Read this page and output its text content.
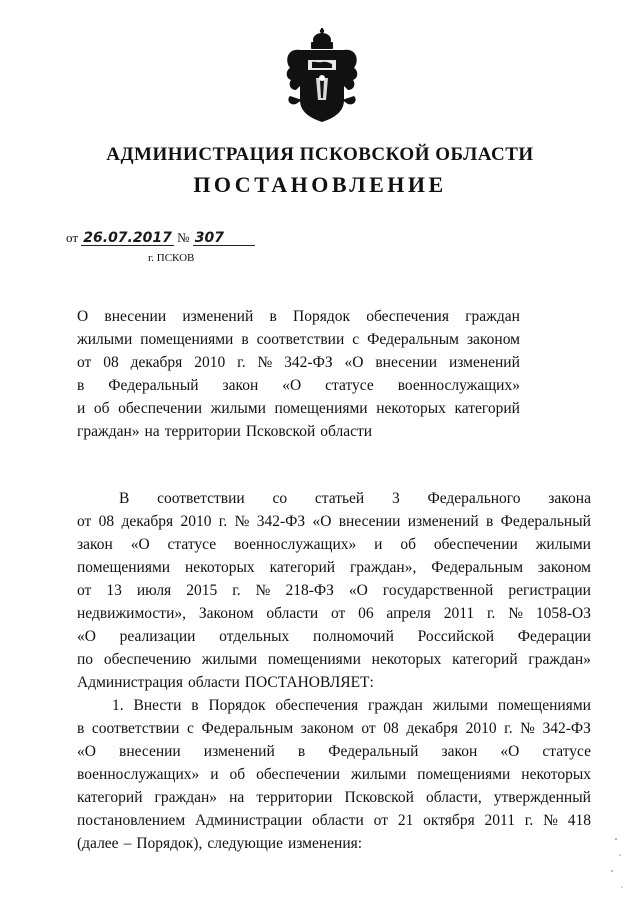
АДМИНИСТРАЦИЯ ПСКОВСКОЙ ОБЛАСТИ
ПОСТАНОВЛЕНИЕ
от 26.07.2017 № 307
г. ПСКОВ
О внесении изменений в Порядок обеспечения граждан
жилыми помещениями в соответствии с Федеральным законом
от 08 декабря 2010 г. № 342-ФЗ «О внесении изменений
в Федеральный закон «О статусе военнослужащих»
и об обеспечении жилыми помещениями некоторых категорий
граждан» на территории Псковской области
В соответствии со статьей 3 Федерального закона
от 08 декабря 2010 г. № 342-ФЗ «О внесении изменений в Федеральный
закон «О статусе военнослужащих» и об обеспечении жилыми
помещениями некоторых категорий граждан», Федеральным законом
от 13 июля 2015 г. № 218-ФЗ «О государственной регистрации
недвижимости», Законом области от 06 апреля 2011 г. № 1058-ОЗ
«О реализации отдельных полномочий Российской Федерации
по обеспечению жилыми помещениями некоторых категорий граждан»
Администрация области ПОСТАНОВЛЯЕТ:
1. Внести в Порядок обеспечения граждан жилыми помещениями
в соответствии с Федеральным законом от 08 декабря 2010 г. № 342-ФЗ
«О внесении изменений в Федеральный закон «О статусе
военнослужащих» и об обеспечении жилыми помещениями некоторых
категорий граждан» на территории Псковской области, утвержденный
постановлением Администрации области от 21 октября 2011 г. № 418
(далее – Порядок), следующие изменения:
